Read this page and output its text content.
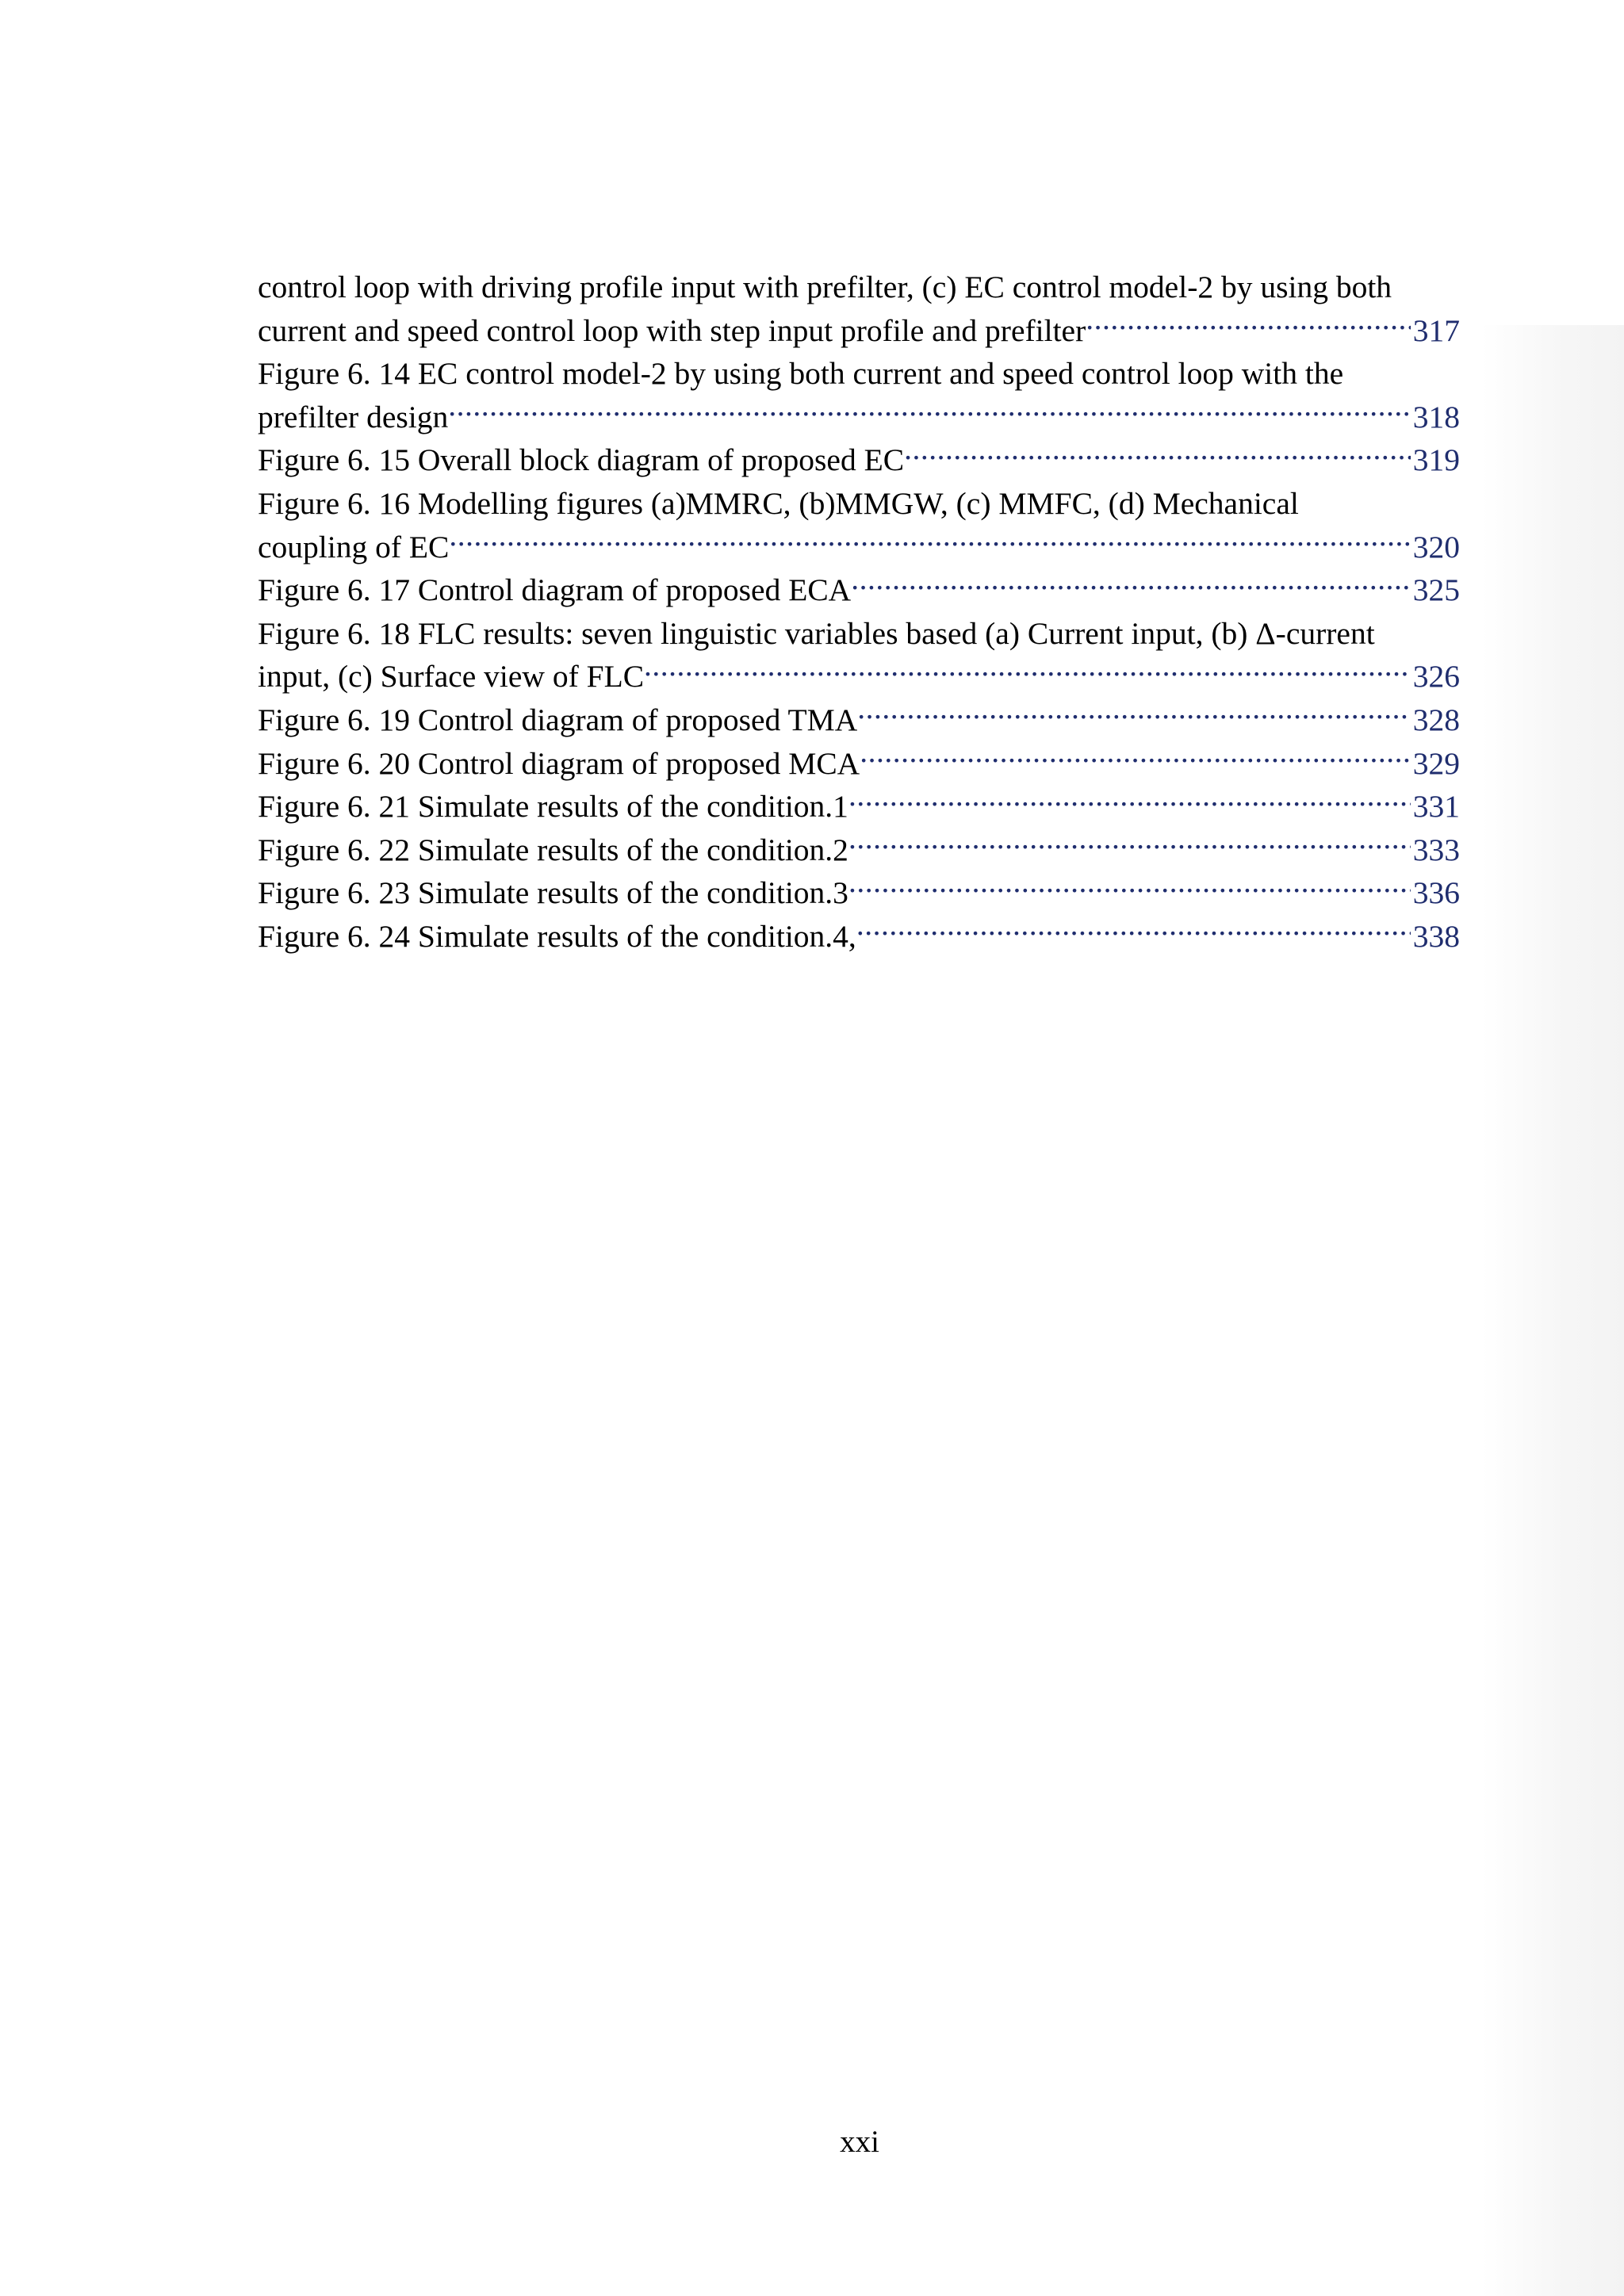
control loop with driving profile input with prefilter, (c) EC control model-2 by using both
current and speed control loop with step input profile and prefilter .....	317
Figure 6. 14 EC control model-2 by using both current and speed control loop with the
prefilter design .....	318
Figure 6. 15 Overall block diagram of proposed EC .....	319
Figure 6. 16 Modelling figures (a)MMRC, (b)MMGW, (c) MMFC, (d) Mechanical
coupling of EC .....	320
Figure 6. 17 Control diagram of proposed ECA .....	325
Figure 6. 18 FLC results: seven linguistic variables based (a) Current input, (b) Δ-current
input, (c) Surface view of FLC .....	326
Figure 6. 19 Control diagram of proposed TMA .....	328
Figure 6. 20 Control diagram of proposed MCA .....	329
Figure 6. 21 Simulate results of the condition.1 .....	331
Figure 6. 22 Simulate results of the condition.2 .....	333
Figure 6. 23 Simulate results of the condition.3 .....	336
Figure 6. 24 Simulate results of the condition.4, .....	338
xxi
